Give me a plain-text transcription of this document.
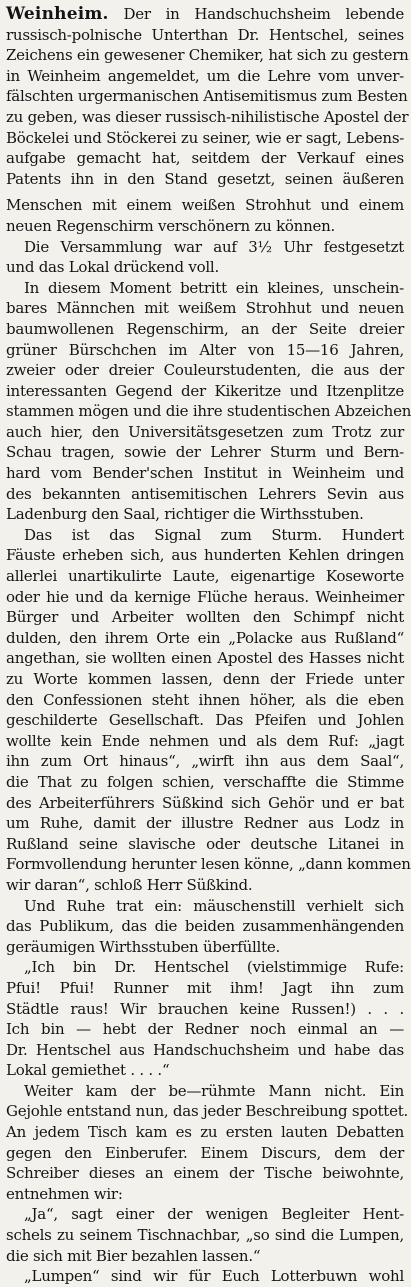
Weinheim. Der in Handschuchsheim lebende
russisch-polnische Unterthan Dr. Hentschel, seines
Zeichens ein gewesener Chemiker, hat sich zu gestern
in Weinheim angemeldet, um die Lehre vom unver-
fälschten urgermanischen Antisemitismus zum Besten
zu geben, was dieser russisch-nihilistische Apostel der
Böckelei und Stöckerei zu seiner, wie er sagt, Lebens-
aufgabe gemacht hat, seitdem der Verkauf eines
Patents ihn in den Stand gesetzt, seinen äußeren

Menschen mit einem weißen Strohhut und einem
neuen Regenschirm verschönern zu können.

Die Versammlung war auf 3½ Uhr festgesetzt
und das Lokal drückend voll.

In diesem Moment betritt ein kleines, unschein-
bares Männchen mit weißem Strohhut und neuen
baumwollenen Regenschirm, an der Seite dreier
grüner Bürschchen im Alter von 15—16 Jahren,
zweier oder dreier Couleurstudenten, die aus der
interessanten Gegend der Kikeritze und Itzenplitze
stammen mögen und die ihre studentischen Abzeichen
auch hier, den Universitätsgesetzen zum Trotz zur
Schau tragen, sowie der Lehrer Sturm und Bern-
hard vom Bender'schen Institut in Weinheim und
des bekannten antisemitischen Lehrers Sevin aus
Ladenburg den Saal, richtiger die Wirthsstuben.

Das ist das Signal zum Sturm. Hundert
Fäuste erheben sich, aus hunderten Kehlen dringen
allerlei unartikulirte Laute, eigenartige Koseworte
oder hie und da kernige Flüche heraus. Weinheimer
Bürger und Arbeiter wollten den Schimpf nicht
dulden, den ihrem Orte ein „Polacke aus Rußland“
angethan, sie wollten einen Apostel des Hasses nicht
zu Worte kommen lassen, denn der Friede unter
den Confessionen steht ihnen höher, als die eben
geschilderte Gesellschaft. Das Pfeifen und Johlen
wollte kein Ende nehmen und als dem Ruf: „jagt
ihn zum Ort hinaus“, „wirft ihn aus dem Saal“,
die That zu folgen schien, verschaffte die Stimme
des Arbeiterführers Süßkind sich Gehör und er bat
um Ruhe, damit der illustre Redner aus Lodz in
Rußland seine slavische oder deutsche Litanei in
Formvollendung herunter lesen könne, „dann kommen
wir daran“, schloß Herr Süßkind.

Und Ruhe trat ein: mäuschenstill verhielt sich
das Publikum, das die beiden zusammenhängenden
geräumigen Wirthsstuben überfüllte.

„Ich bin Dr. Hentschel (vielstimmige Rufe:
Pfui! Pfui! Runner mit ihm! Jagt ihn zum
Städtle raus! Wir brauchen keine Russen!) . . .
Ich bin — hebt der Redner noch einmal an —
Dr. Hentschel aus Handschuchsheim und habe das
Lokal gemiethet . . . .“

Weiter kam der be—rühmte Mann nicht. Ein
Gejohle entstand nun, das jeder Beschreibung spottet.
An jedem Tisch kam es zu ersten lauten Debatten
gegen den Einberufer. Einem Discurs, dem der
Schreiber dieses an einem der Tische beiwohnte,
entnehmen wir:

„Ja“, sagt einer der wenigen Begleiter Hent-
schels zu seinem Tischnachbar, „so sind die Lumpen,
die sich mit Bier bezahlen lassen.“

„Lumpen“ sind wir für Euch Lotterbuwn wohl
